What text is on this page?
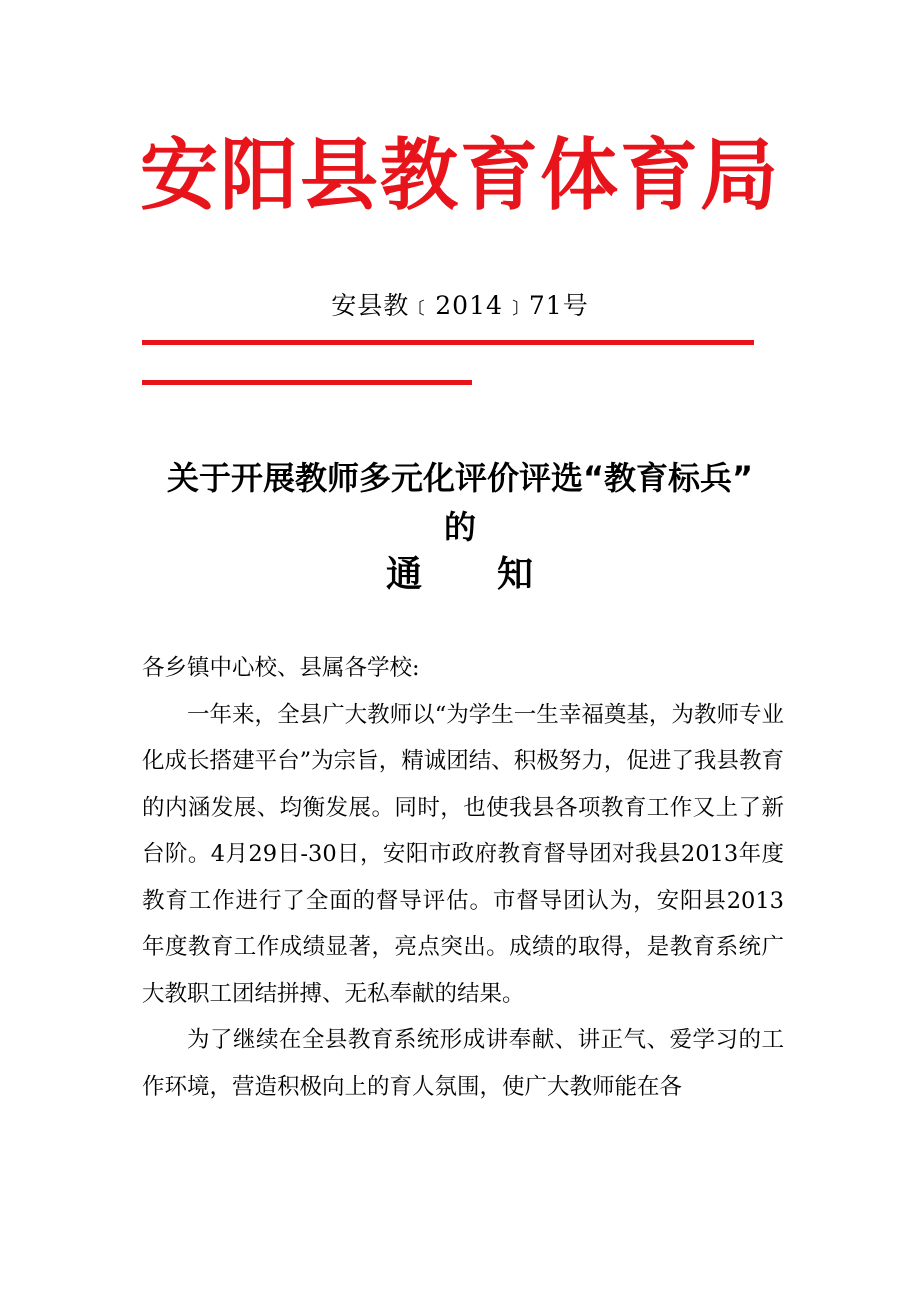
安阳县教育体育局
安县教﹝2014﹞71号
关于开展教师多元化评价评选“教育标兵”
的
通　　知

各乡镇中心校、县属各学校:

一年来，全县广大教师以“为学生一生幸福奠基，为教师专业化成长搭建平台”为宗旨，精诚团结、积极努力，促进了我县教育的内涵发展、均衡发展。同时，也使我县各项教育工作又上了新台阶。4月29日-30日，安阳市政府教育督导团对我县2013年度教育工作进行了全面的督导评估。市督导团认为，安阳县2013年度教育工作成绩显著，亮点突出。成绩的取得，是教育系统广大教职工团结拼搏、无私奉献的结果。

为了继续在全县教育系统形成讲奉献、讲正气、爱学习的工作环境，营造积极向上的育人氛围，使广大教师能在各
